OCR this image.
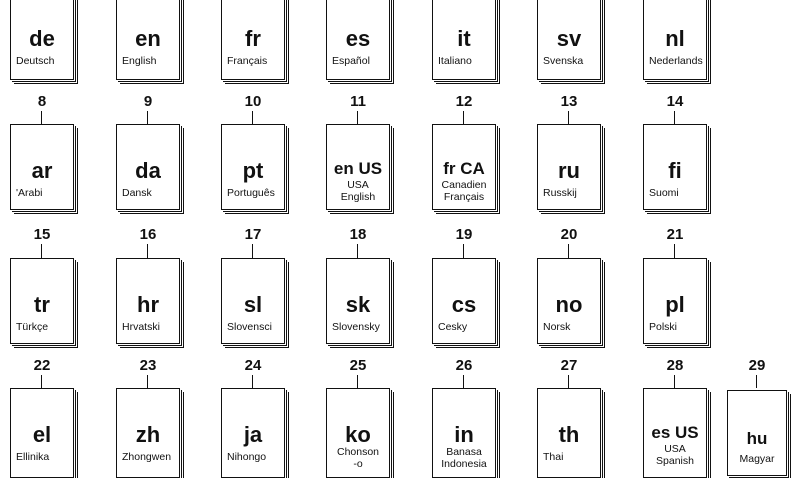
de
Deutsch
en
English
fr
Français
es
Español
it
Italiano
sv
Svenska
nl
Nederlands
8
ar
'Arabi
9
da
Dansk
10
pt
Português
11
en US
USA
English
12
fr CA
Canadien
Français
13
ru
Russkij
14
fi
Suomi
15
tr
Türkçe
16
hr
Hrvatski
17
sl
Slovensci
18
sk
Slovensky
19
cs
Cesky
20
no
Norsk
21
pl
Polski
22
el
Ellinika
23
zh
Zhongwen
24
ja
Nihongo
25
ko
Chonson
-o
26
in
Banasa
Indonesia
27
th
Thai
28
es US
USA
Spanish
29
hu
Magyar
